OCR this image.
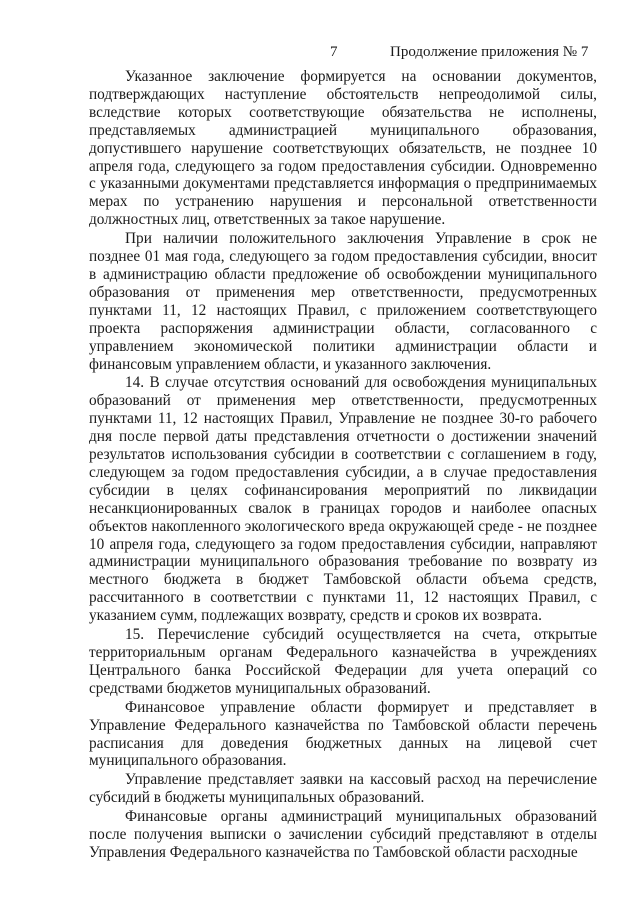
7	Продолжение приложения № 7

Указанное заключение формируется на основании документов, подтверждающих наступление обстоятельств непреодолимой силы, вследствие которых соответствующие обязательства не исполнены, представляемых администрацией муниципального образования, допустившего нарушение соответствующих обязательств, не позднее 10 апреля года, следующего за годом предоставления субсидии. Одновременно с указанными документами представляется информация о предпринимаемых мерах по устранению нарушения и персональной ответственности должностных лиц, ответственных за такое нарушение.

При наличии положительного заключения Управление в срок не позднее 01 мая года, следующего за годом предоставления субсидии, вносит в администрацию области предложение об освобождении муниципального образования от применения мер ответственности, предусмотренных пунктами 11, 12 настоящих Правил, с приложением соответствующего проекта распоряжения администрации области, согласованного с управлением экономической политики администрации области и финансовым управлением области, и указанного заключения.

14. В случае отсутствия оснований для освобождения муниципальных образований от применения мер ответственности, предусмотренных пунктами 11, 12 настоящих Правил, Управление не позднее 30-го рабочего дня после первой даты представления отчетности о достижении значений результатов использования субсидии в соответствии с соглашением в году, следующем за годом предоставления субсидии, а в случае предоставления субсидии в целях софинансирования мероприятий по ликвидации несанкционированных свалок в границах городов и наиболее опасных объектов накопленного экологического вреда окружающей среде - не позднее 10 апреля года, следующего за годом предоставления субсидии, направляют администрации муниципального образования требование по возврату из местного бюджета в бюджет Тамбовской области объема средств, рассчитанного в соответствии с пунктами 11, 12 настоящих Правил, с указанием сумм, подлежащих возврату, средств и сроков их возврата.

15. Перечисление субсидий осуществляется на счета, открытые территориальным органам Федерального казначейства в учреждениях Центрального банка Российской Федерации для учета операций со средствами бюджетов муниципальных образований.

Финансовое управление области формирует и представляет в Управление Федерального казначейства по Тамбовской области перечень расписания для доведения бюджетных данных на лицевой счет муниципального образования.

Управление представляет заявки на кассовый расход на перечисление субсидий в бюджеты муниципальных образований.

Финансовые органы администраций муниципальных образований после получения выписки о зачислении субсидий представляют в отделы Управления Федерального казначейства по Тамбовской области расходные
